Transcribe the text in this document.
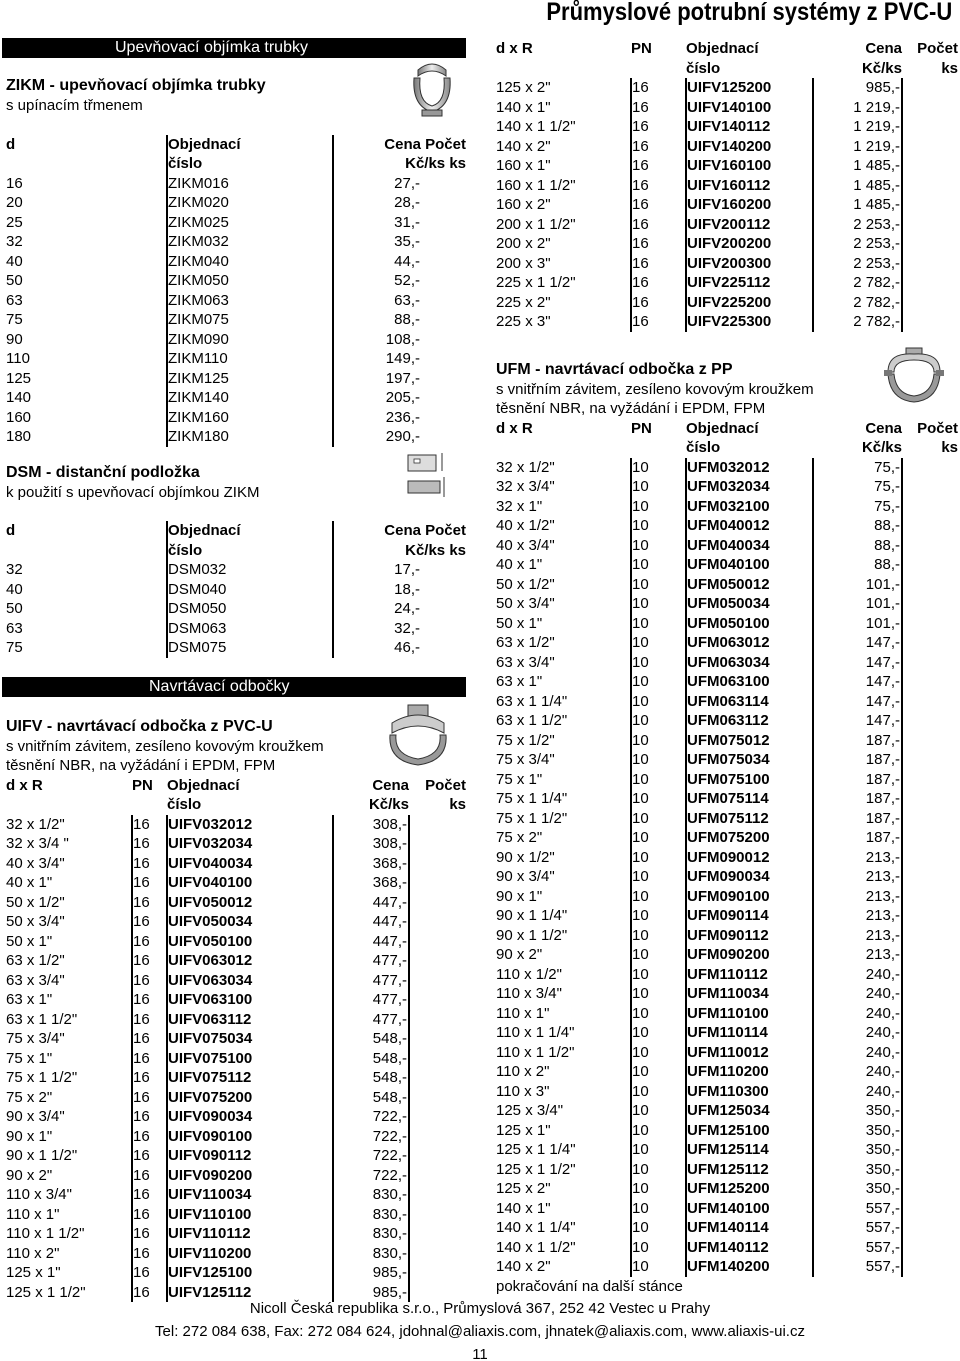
Průmyslové potrubní systémy z PVC-U
Upevňovací objímka trubky
ZIKM - upevňovací objímka trubky
s upínacím třmenem
d	Objednací	Cena Počet
	číslo	Kč/ks ks
16	ZIKM016	27,-
20	ZIKM020	28,-
25	ZIKM025	31,-
32	ZIKM032	35,-
40	ZIKM040	44,-
50	ZIKM050	52,-
63	ZIKM063	63,-
75	ZIKM075	88,-
90	ZIKM090	108,-
110	ZIKM110	149,-
125	ZIKM125	197,-
140	ZIKM140	205,-
160	ZIKM160	236,-
180	ZIKM180	290,-
DSM - distanční podložka
k použití s upevňovací objímkou ZIKM
d	Objednací	Cena Počet
	číslo	Kč/ks ks
32	DSM032	17,-
40	DSM040	18,-
50	DSM050	24,-
63	DSM063	32,-
75	DSM075	46,-
Navrtávací odbočky
UIFV - navrtávací odbočka z PVC-U
s vnitřním závitem, zesíleno kovovým kroužkem
těsnění NBR, na vyžádání i EPDM, FPM
d x R	PN	Objednací	Cena	Počet
		číslo	Kč/ks	ks
32 x 1/2"	16	UIFV032012	308,-	
32 x 3/4 "	16	UIFV032034	308,-	
40 x 3/4"	16	UIFV040034	368,-	
40 x 1"	16	UIFV040100	368,-	
50 x 1/2"	16	UIFV050012	447,-	
50 x 3/4"	16	UIFV050034	447,-	
50 x 1"	16	UIFV050100	447,-	
63 x 1/2"	16	UIFV063012	477,-	
63 x 3/4"	16	UIFV063034	477,-	
63 x 1"	16	UIFV063100	477,-	
63 x 1 1/2"	16	UIFV063112	477,-	
75 x 3/4"	16	UIFV075034	548,-	
75 x 1"	16	UIFV075100	548,-	
75 x 1 1/2"	16	UIFV075112	548,-	
75 x 2"	16	UIFV075200	548,-	
90 x 3/4"	16	UIFV090034	722,-	
90 x 1"	16	UIFV090100	722,-	
90 x 1 1/2"	16	UIFV090112	722,-	
90 x 2"	16	UIFV090200	722,-	
110 x 3/4"	16	UIFV110034	830,-	
110 x 1"	16	UIFV110100	830,-	
110 x 1 1/2"	16	UIFV110112	830,-	
110 x 2"	16	UIFV110200	830,-	
125 x 1"	16	UIFV125100	985,-	
125 x 1 1/2"	16	UIFV125112	985,-	
d x R	PN	Objednací	Cena	Počet
		číslo	Kč/ks	ks
125 x 2"	16	UIFV125200	985,-	
140 x 1"	16	UIFV140100	1 219,-	
140 x 1 1/2"	16	UIFV140112	1 219,-	
140 x 2"	16	UIFV140200	1 219,-	
160 x 1"	16	UIFV160100	1 485,-	
160 x 1 1/2"	16	UIFV160112	1 485,-	
160 x 2"	16	UIFV160200	1 485,-	
200 x 1 1/2"	16	UIFV200112	2 253,-	
200 x 2"	16	UIFV200200	2 253,-	
200 x 3"	16	UIFV200300	2 253,-	
225 x 1 1/2"	16	UIFV225112	2 782,-	
225 x 2"	16	UIFV225200	2 782,-	
225 x 3"	16	UIFV225300	2 782,-	
UFM - navrtávací odbočka z PP
s vnitřním závitem, zesíleno kovovým kroužkem
těsnění NBR, na vyžádání i EPDM, FPM
d x R	PN	Objednací	Cena	Počet
		číslo	Kč/ks	ks
32 x 1/2"	10	UFM032012	75,-	
32 x 3/4"	10	UFM032034	75,-	
32 x 1"	10	UFM032100	75,-	
40 x 1/2"	10	UFM040012	88,-	
40 x 3/4"	10	UFM040034	88,-	
40 x 1"	10	UFM040100	88,-	
50 x 1/2"	10	UFM050012	101,-	
50 x 3/4"	10	UFM050034	101,-	
50 x 1"	10	UFM050100	101,-	
63 x 1/2"	10	UFM063012	147,-	
63 x 3/4"	10	UFM063034	147,-	
63 x 1"	10	UFM063100	147,-	
63 x 1 1/4"	10	UFM063114	147,-	
63 x 1 1/2"	10	UFM063112	147,-	
75 x 1/2"	10	UFM075012	187,-	
75 x 3/4"	10	UFM075034	187,-	
75 x 1"	10	UFM075100	187,-	
75 x 1 1/4"	10	UFM075114	187,-	
75 x 1 1/2"	10	UFM075112	187,-	
75 x 2"	10	UFM075200	187,-	
90 x 1/2"	10	UFM090012	213,-	
90 x 3/4"	10	UFM090034	213,-	
90 x 1"	10	UFM090100	213,-	
90 x 1 1/4"	10	UFM090114	213,-	
90 x 1 1/2"	10	UFM090112	213,-	
90 x 2"	10	UFM090200	213,-	
110 x 1/2"	10	UFM110112	240,-	
110 x 3/4"	10	UFM110034	240,-	
110 x 1"	10	UFM110100	240,-	
110 x 1 1/4"	10	UFM110114	240,-	
110 x 1 1/2"	10	UFM110012	240,-	
110 x 2"	10	UFM110200	240,-	
110 x 3"	10	UFM110300	240,-	
125 x 3/4"	10	UFM125034	350,-	
125 x 1"	10	UFM125100	350,-	
125 x 1 1/4"	10	UFM125114	350,-	
125 x 1 1/2"	10	UFM125112	350,-	
125 x 2"	10	UFM125200	350,-	
140 x 1"	10	UFM140100	557,-	
140 x 1 1/4"	10	UFM140114	557,-	
140 x 1 1/2"	10	UFM140112	557,-	
140 x 2"	10	UFM140200	557,-	
pokračování na další stánce
Nicoll Česká republika s.r.o., Průmyslová 367, 252 42 Vestec u Prahy
Tel: 272 084 638, Fax: 272 084 624, jdohnal@aliaxis.com, jhnatek@aliaxis.com, www.aliaxis-ui.cz
11
